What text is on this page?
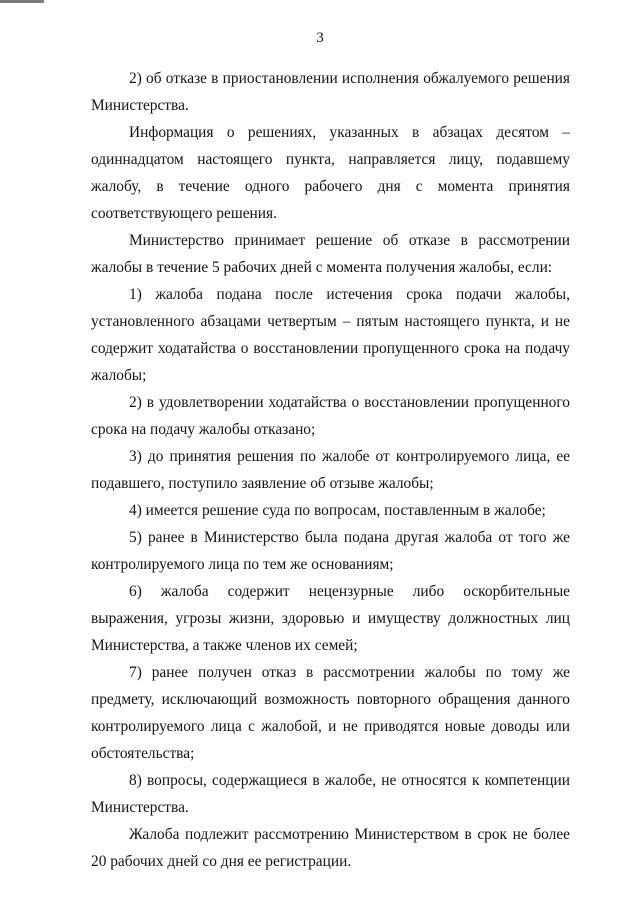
3

2) об отказе в приостановлении исполнения обжалуемого решения Министерства.

Информация о решениях, указанных в абзацах десятом – одиннадцатом настоящего пункта, направляется лицу, подавшему жалобу, в течение одного рабочего дня с момента принятия соответствующего решения.

Министерство принимает решение об отказе в рассмотрении жалобы в течение 5 рабочих дней с момента получения жалобы, если:

1) жалоба подана после истечения срока подачи жалобы, установленного абзацами четвертым – пятым настоящего пункта, и не содержит ходатайства о восстановлении пропущенного срока на подачу жалобы;

2) в удовлетворении ходатайства о восстановлении пропущенного срока на подачу жалобы отказано;

3) до принятия решения по жалобе от контролируемого лица, ее подавшего, поступило заявление об отзыве жалобы;

4) имеется решение суда по вопросам, поставленным в жалобе;

5) ранее в Министерство была подана другая жалоба от того же контролируемого лица по тем же основаниям;

6) жалоба содержит нецензурные либо оскорбительные выражения, угрозы жизни, здоровью и имуществу должностных лиц Министерства, а также членов их семей;

7) ранее получен отказ в рассмотрении жалобы по тому же предмету, исключающий возможность повторного обращения данного контролируемого лица с жалобой, и не приводятся новые доводы или обстоятельства;

8) вопросы, содержащиеся в жалобе, не относятся к компетенции Министерства.

Жалоба подлежит рассмотрению Министерством в срок не более 20 рабочих дней со дня ее регистрации.
